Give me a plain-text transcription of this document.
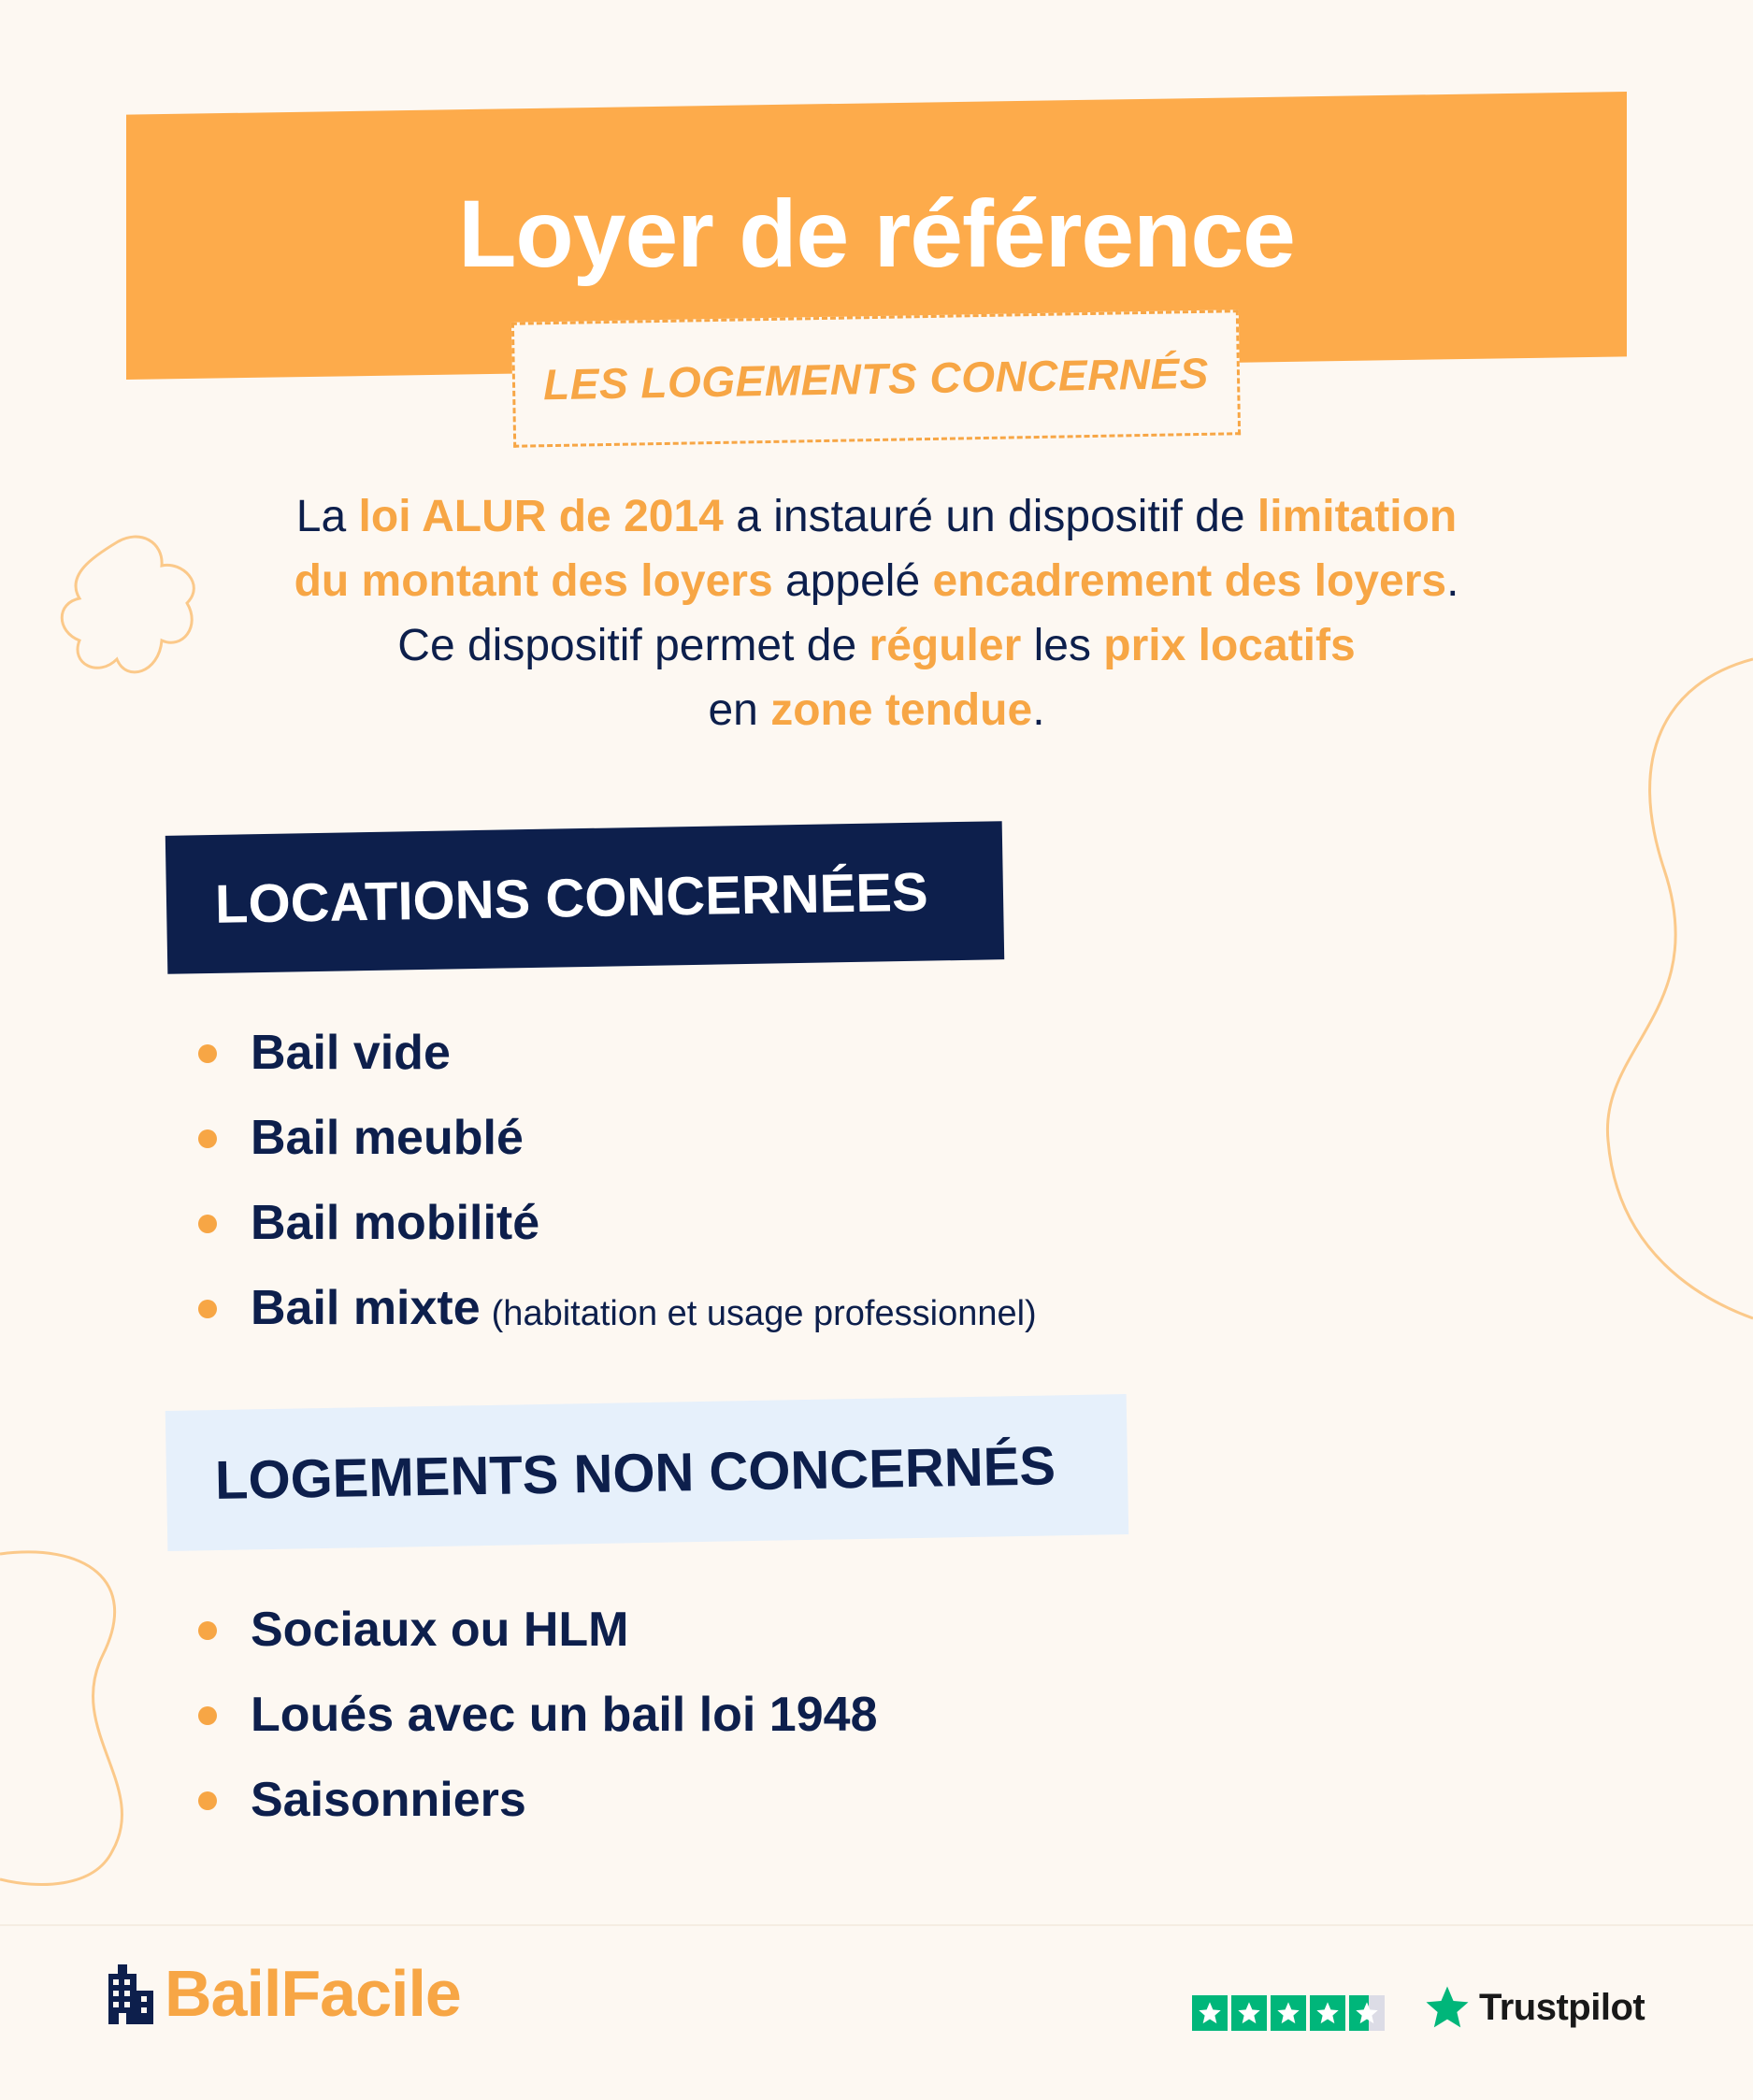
Loyer de référence
LES LOGEMENTS CONCERNÉS
La loi ALUR de 2014 a instauré un dispositif de limitation
du montant des loyers appelé encadrement des loyers.
Ce dispositif permet de réguler les prix locatifs
en zone tendue.
LOCATIONS CONCERNÉES
Bail vide
Bail meublé
Bail mobilité
Bail mixte (habitation et usage professionnel)
LOGEMENTS NON CONCERNÉS
Sociaux ou HLM
Loués avec un bail loi 1948
Saisonniers
BailFacile	Trustpilot
